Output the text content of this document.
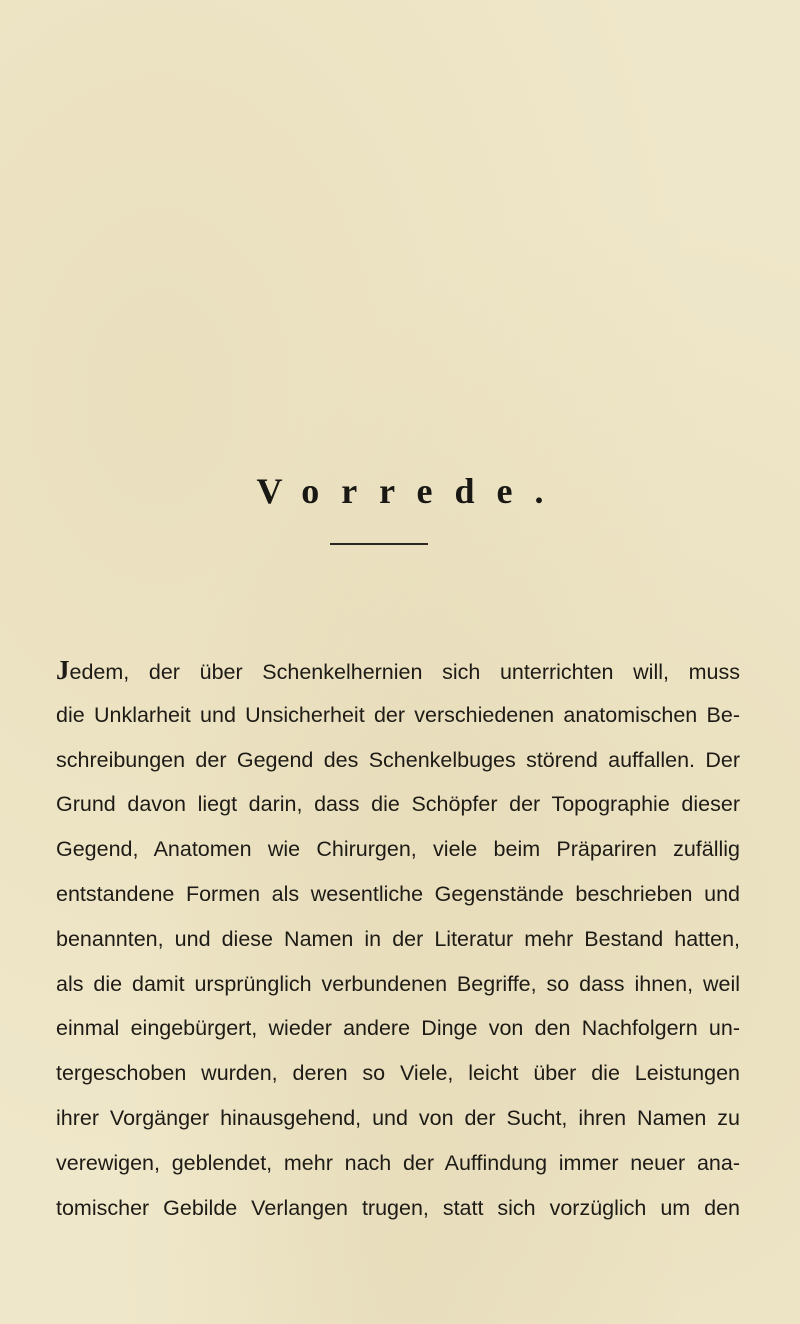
Vorrede.
Jedem, der über Schenkelhernien sich unterrichten will, muss
die Unklarheit und Unsicherheit der verschiedenen anatomischen Be-
schreibungen der Gegend des Schenkelbuges störend auffallen. Der
Grund davon liegt darin, dass die Schöpfer der Topographie dieser
Gegend, Anatomen wie Chirurgen, viele beim Präpariren zufällig
entstandene Formen als wesentliche Gegenstände beschrieben und
benannten, und diese Namen in der Literatur mehr Bestand hatten,
als die damit ursprünglich verbundenen Begriffe, so dass ihnen, weil
einmal eingebürgert, wieder andere Dinge von den Nachfolgern un-
tergeschoben wurden, deren so Viele, leicht über die Leistungen
ihrer Vorgänger hinausgehend, und von der Sucht, ihren Namen zu
verewigen, geblendet, mehr nach der Auffindung immer neuer ana-
tomischer Gebilde Verlangen trugen, statt sich vorzüglich um den
